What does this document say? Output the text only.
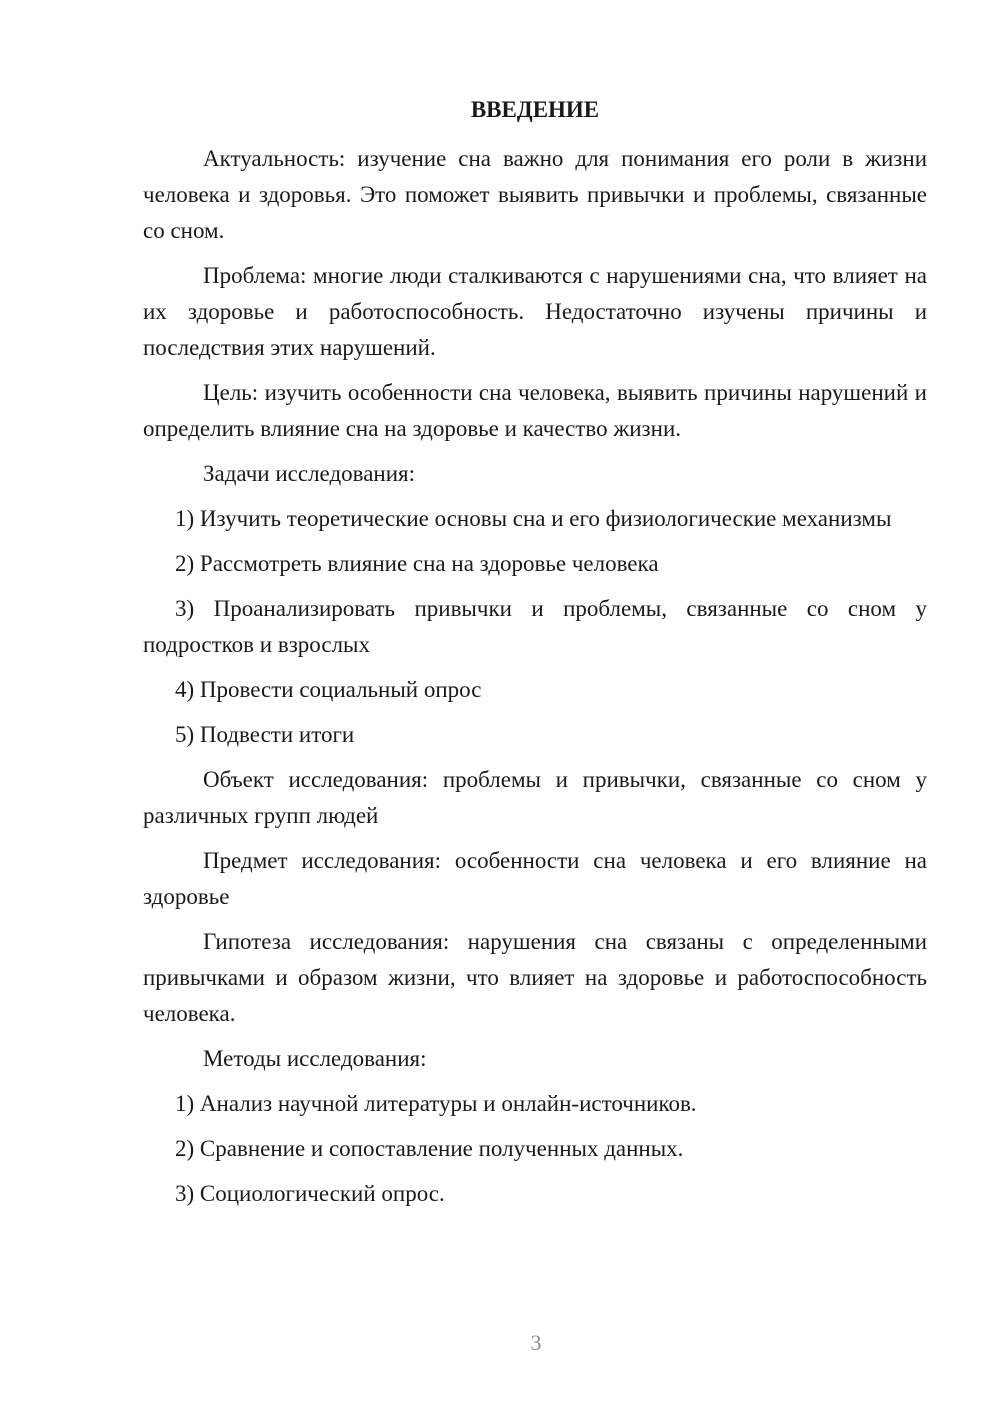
ВВЕДЕНИЕ

Актуальность: изучение сна важно для понимания его роли в жизни человека и здоровья. Это поможет выявить привычки и проблемы, связанные со сном.

Проблема: многие люди сталкиваются с нарушениями сна, что влияет на их здоровье и работоспособность. Недостаточно изучены причины и последствия этих нарушений.

Цель: изучить особенности сна человека, выявить причины нарушений и определить влияние сна на здоровье и качество жизни.

Задачи исследования:

1) Изучить теоретические основы сна и его физиологические механизмы

2) Рассмотреть влияние сна на здоровье человека

3) Проанализировать привычки и проблемы, связанные со сном у подростков и взрослых

4) Провести социальный опрос

5) Подвести итоги

Объект исследования: проблемы и привычки, связанные со сном у различных групп людей

Предмет исследования: особенности сна человека и его влияние на здоровье

Гипотеза исследования: нарушения сна связаны с определенными привычками и образом жизни, что влияет на здоровье и работоспособность человека.

Методы исследования:

1) Анализ научной литературы и онлайн-источников.

2) Сравнение и сопоставление полученных данных.

3) Социологический опрос.

3
